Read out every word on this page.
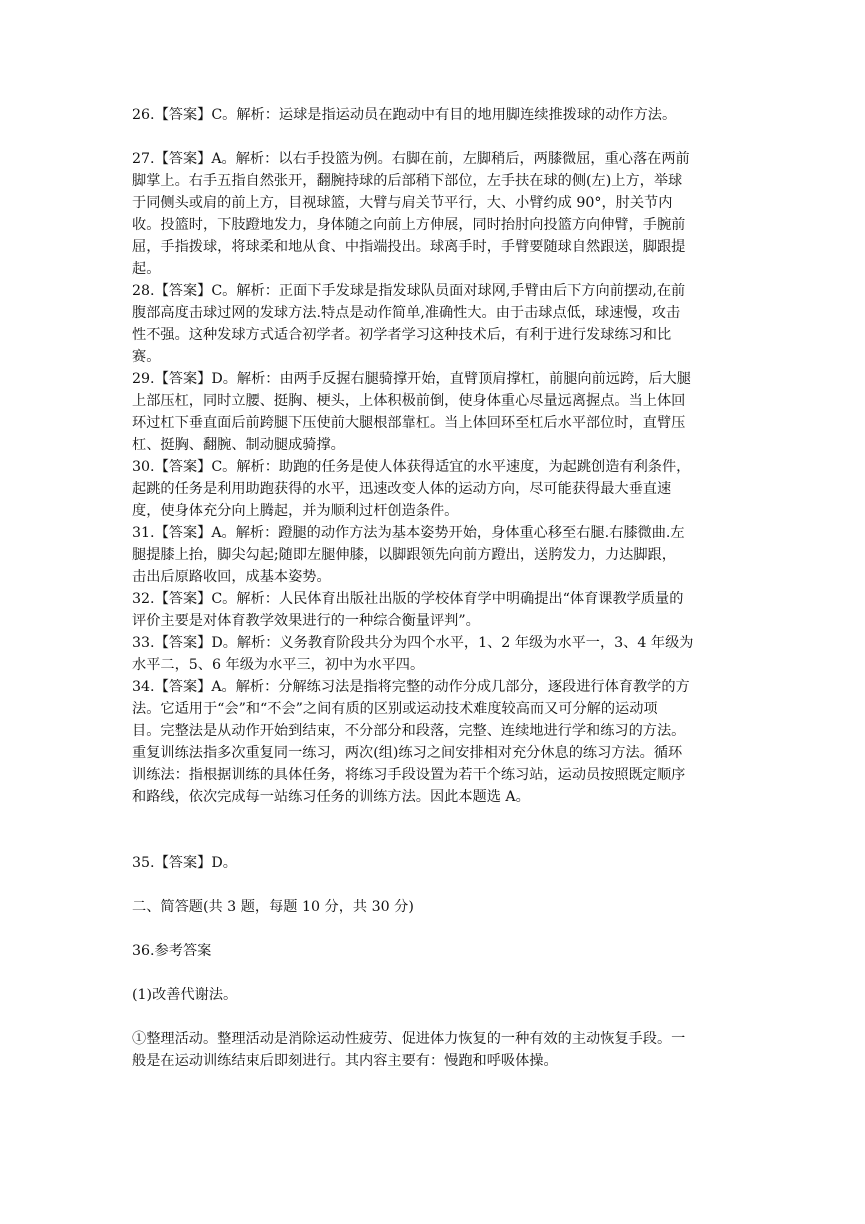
26.【答案】C。解析：运球是指运动员在跑动中有目的地用脚连续推拨球的动作方法。
27.【答案】A。解析：以右手投篮为例。右脚在前，左脚稍后，两膝微屈，重心落在两前
脚掌上。右手五指自然张开，翻腕持球的后部稍下部位，左手扶在球的侧(左)上方，举球
于同侧头或肩的前上方，目视球篮，大臂与肩关节平行，大、小臂约成 90°，肘关节内
收。投篮时，下肢蹬地发力，身体随之向前上方伸展，同时抬肘向投篮方向伸臂，手腕前
屈，手指拨球，将球柔和地从食、中指端投出。球离手时，手臂要随球自然跟送，脚跟提
起。
28.【答案】C。解析：正面下手发球是指发球队员面对球网,手臂由后下方向前摆动,在前
腹部高度击球过网的发球方法.特点是动作简单,准确性大。由于击球点低，球速慢，攻击
性不强。这种发球方式适合初学者。初学者学习这种技术后，有利于进行发球练习和比
赛。
29.【答案】D。解析：由两手反握右腿骑撑开始，直臂顶肩撑杠，前腿向前远跨，后大腿
上部压杠，同时立腰、挺胸、梗头，上体积极前倒，使身体重心尽量远离握点。当上体回
环过杠下垂直面后前跨腿下压使前大腿根部靠杠。当上体回环至杠后水平部位时，直臂压
杠、挺胸、翻腕、制动腿成骑撑。
30.【答案】C。解析：助跑的任务是使人体获得适宜的水平速度，为起跳创造有利条件，
起跳的任务是利用助跑获得的水平，迅速改变人体的运动方向，尽可能获得最大垂直速
度，使身体充分向上腾起，并为顺利过杆创造条件。
31.【答案】A。解析：蹬腿的动作方法为基本姿势开始，身体重心移至右腿.右膝微曲.左
腿提膝上抬，脚尖勾起;随即左腿伸膝，以脚跟领先向前方蹬出，送胯发力，力达脚跟，
击出后原路收回，成基本姿势。
32.【答案】C。解析：人民体育出版社出版的学校体育学中明确提出“体育课教学质量的
评价主要是对体育教学效果进行的一种综合衡量评判”。
33.【答案】D。解析：义务教育阶段共分为四个水平，1、2 年级为水平一，3、4 年级为
水平二，5、6 年级为水平三，初中为水平四。
34.【答案】A。解析：分解练习法是指将完整的动作分成几部分，逐段进行体育教学的方
法。它适用于“会”和“不会”之间有质的区别或运动技术难度较高而又可分解的运动项
目。完整法是从动作开始到结束，不分部分和段落，完整、连续地进行学和练习的方法。
重复训练法指多次重复同一练习，两次(组)练习之间安排相对充分休息的练习方法。循环
训练法：指根据训练的具体任务，将练习手段设置为若干个练习站，运动员按照既定顺序
和路线，依次完成每一站练习任务的训练方法。因此本题选 A。
35.【答案】D。
二、简答题(共 3 题，每题 10 分，共 30 分)
36.参考答案
(1)改善代谢法。
①整理活动。整理活动是消除运动性疲劳、促进体力恢复的一种有效的主动恢复手段。一
般是在运动训练结束后即刻进行。其内容主要有：慢跑和呼吸体操。
